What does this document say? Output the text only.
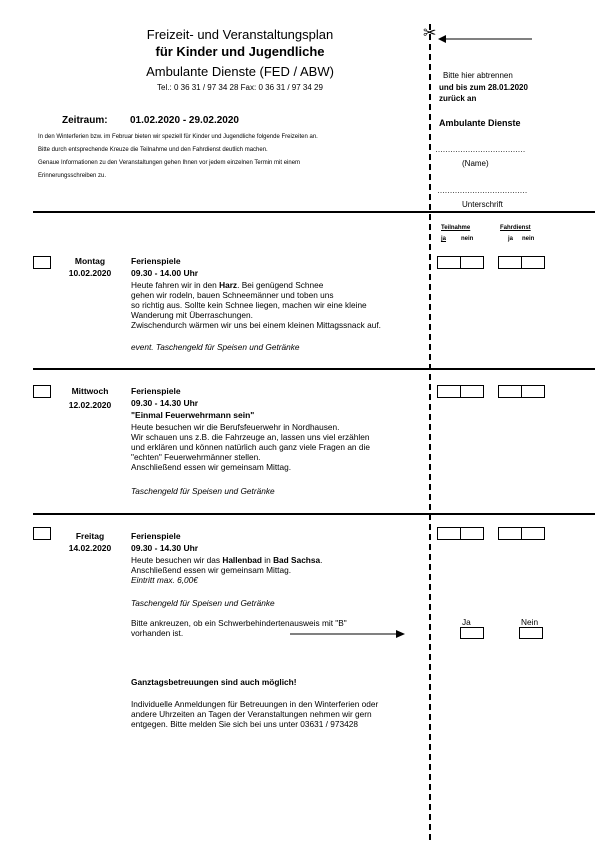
Freizeit- und Veranstaltungsplan
für Kinder und Jugendliche
Ambulante Dienste (FED / ABW)
Tel.: 0 36 31 / 97 34 28 Fax: 0 36 31 / 97 34 29
Zeitraum: 01.02.2020 - 29.02.2020
In den Winterferien bzw. im Februar bieten wir speziell für Kinder und Jugendliche folgende Freizeiten an.
Bitte durch entsprechende Kreuze die Teilnahme und den Fahrdienst deutlich machen.
Genaue Informationen zu den Veranstaltungen gehen Ihnen vor jedem einzelnen Termin mit einem
Erinnerungsschreiben zu.
✂
Bitte hier abtrennen
und bis zum 28.01.2020
zurück an
Ambulante Dienste
………………………………
(Name)
………………………………
Unterschrift
Teilnahme	Fahrdienst
ja nein	ja nein
Montag
10.02.2020
Ferienspiele
09.30 - 14.00 Uhr
Heute fahren wir in den Harz. Bei genügend Schnee
gehen wir rodeln, bauen Schneemänner und toben uns
so richtig aus. Sollte kein Schnee liegen, machen wir eine kleine
Wanderung mit Überraschungen.
Zwischendurch wärmen wir uns bei einem kleinen Mittagssnack auf.
event. Taschengeld für Speisen und Getränke
Mittwoch
12.02.2020
Ferienspiele
09.30 - 14.30 Uhr
"Einmal Feuerwehrmann sein"
Heute besuchen wir die Berufsfeuerwehr in Nordhausen.
Wir schauen uns z.B. die Fahrzeuge an, lassen uns viel erzählen
und erklären und können natürlich auch ganz viele Fragen an die
"echten" Feuerwehrmänner stellen.
Anschließend essen wir gemeinsam Mittag.
Taschengeld für Speisen und Getränke
Freitag
14.02.2020
Ferienspiele
09.30 - 14.30 Uhr
Heute besuchen wir das Hallenbad in Bad Sachsa.
Anschließend essen wir gemeinsam Mittag.
Eintritt max. 6,00€
Taschengeld für Speisen und Getränke
Bitte ankreuzen, ob ein Schwerbehindertenausweis mit "B"
vorhanden ist.
Ja	Nein
Ganztagsbetreuungen sind auch möglich!
Individuelle Anmeldungen für Betreuungen in den Winterferien oder
andere Uhrzeiten an Tagen der Veranstaltungen nehmen wir gern
entgegen. Bitte melden Sie sich bei uns unter 03631 / 973428
